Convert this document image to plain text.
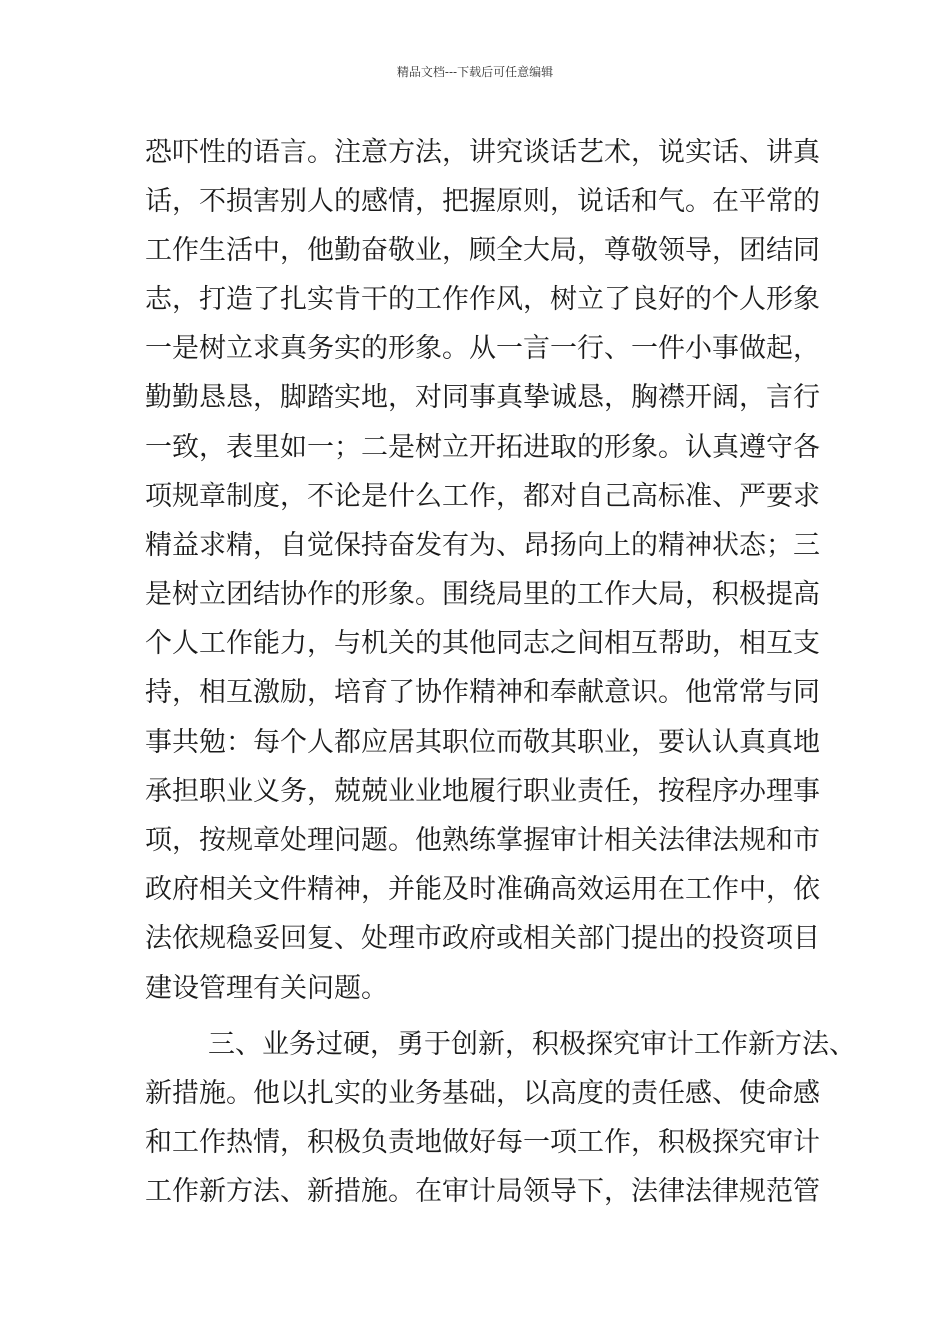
精品文档---下载后可任意编辑
恐吓性的语言。注意方法，讲究谈话艺术，说实话、讲真
话，不损害别人的感情，把握原则，说话和气。在平常的
工作生活中，他勤奋敬业，顾全大局，尊敬领导，团结同
志，打造了扎实肯干的工作作风，树立了良好的个人形象
一是树立求真务实的形象。从一言一行、一件小事做起，
勤勤恳恳，脚踏实地，对同事真挚诚恳，胸襟开阔，言行
一致，表里如一；二是树立开拓进取的形象。认真遵守各
项规章制度，不论是什么工作，都对自己高标准、严要求
精益求精，自觉保持奋发有为、昂扬向上的精神状态；三
是树立团结协作的形象。围绕局里的工作大局，积极提高
个人工作能力，与机关的其他同志之间相互帮助，相互支
持，相互激励，培育了协作精神和奉献意识。他常常与同
事共勉：每个人都应居其职位而敬其职业，要认认真真地
承担职业义务，兢兢业业地履行职业责任，按程序办理事
项，按规章处理问题。他熟练掌握审计相关法律法规和市
政府相关文件精神，并能及时准确高效运用在工作中，依
法依规稳妥回复、处理市政府或相关部门提出的投资项目
建设管理有关问题。
三、业务过硬，勇于创新，积极探究审计工作新方法、
新措施。他以扎实的业务基础，以高度的责任感、使命感
和工作热情，积极负责地做好每一项工作，积极探究审计
工作新方法、新措施。在审计局领导下，法律法律规范管
